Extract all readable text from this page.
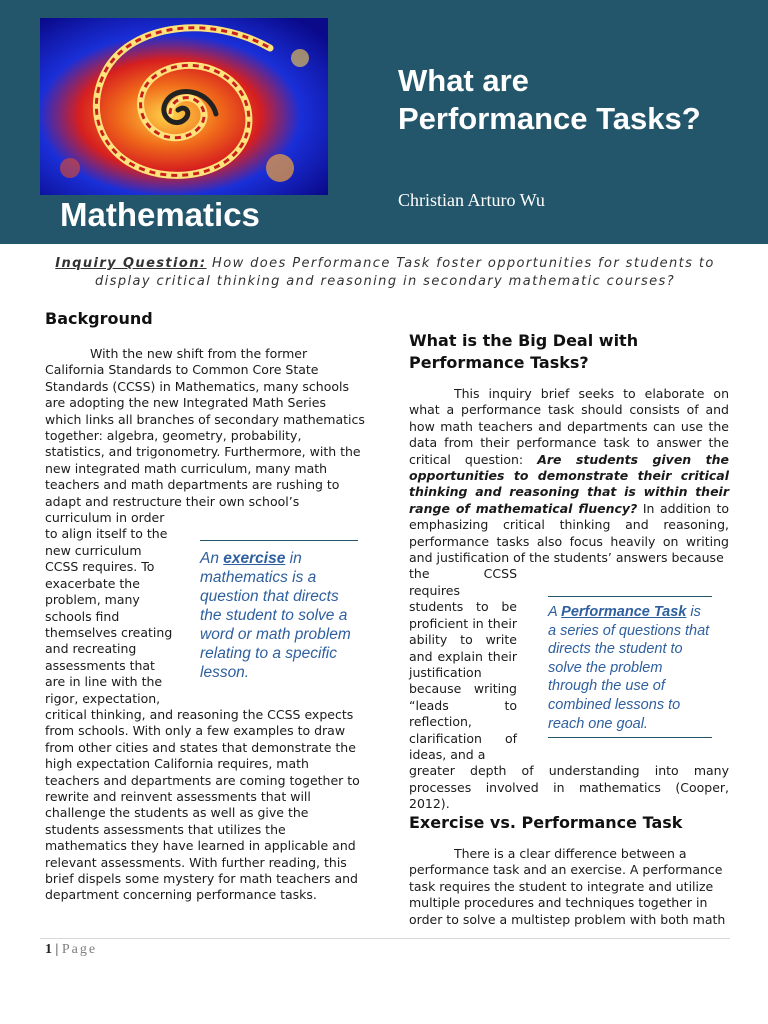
Mathematics
What are
Performance Tasks?
Christian Arturo Wu
Inquiry Question: How does Performance Task foster opportunities for students to display critical thinking and reasoning in secondary mathematic courses?
Background

With the new shift from the former California Standards to Common Core State Standards (CCSS) in Mathematics, many schools are adopting the new Integrated Math Series which links all branches of secondary mathematics together: algebra, geometry, probability, statistics, and trigonometry. Furthermore, with the new integrated math curriculum, many math teachers and math departments are rushing to adapt and restructure their own school’s curriculum in order

to align itself to the new curriculum CCSS requires. To exacerbate the problem, many schools find themselves creating and recreating assessments that are in line with the rigor, expectation,

critical thinking, and reasoning the CCSS expects from schools. With only a few examples to draw from other cities and states that demonstrate the high expectation California requires, math teachers and departments are coming together to rewrite and reinvent assessments that will challenge the students as well as give the students assessments that utilizes the mathematics they have learned in applicable and relevant assessments. With further reading, this brief dispels some mystery for math teachers and department concerning performance tasks.

An exercise in mathematics is a question that directs the student to solve a word or math problem relating to a specific lesson.
What is the Big Deal with Performance Tasks?

This inquiry brief seeks to elaborate on what a performance task should consists of and how math teachers and departments can use the data from their performance task to answer the critical question: Are students given the opportunities to demonstrate their critical thinking and reasoning that is within their range of mathematical fluency? In addition to emphasizing critical thinking and reasoning, performance tasks also focus heavily on writing and justification of the students’ answers because

the CCSS requires students to be proficient in their ability to write and explain their justification because writing “leads to reflection, clarification of ideas, and a

greater depth of understanding into many processes involved in mathematics (Cooper, 2012).

A Performance Task is a series of questions that directs the student to solve the problem through the use of combined lessons to reach one goal.
Exercise vs. Performance Task

There is a clear difference between a performance task and an exercise. A performance task requires the student to integrate and utilize multiple procedures and techniques together in order to solve a multistep problem with both math

1 | Page
